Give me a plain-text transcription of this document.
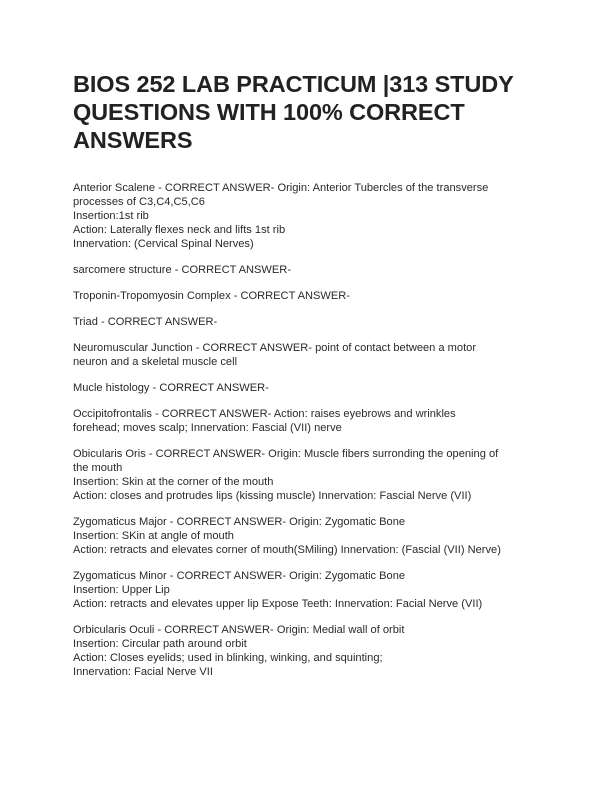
BIOS 252 LAB PRACTICUM |313 STUDY
QUESTIONS WITH 100% CORRECT
ANSWERS
Anterior Scalene - CORRECT ANSWER- Origin: Anterior Tubercles of the transverse
processes of C3,C4,C5,C6
Insertion:1st rib
Action: Laterally flexes neck and lifts 1st rib
Innervation: (Cervical Spinal Nerves)
sarcomere structure - CORRECT ANSWER-
Troponin-Tropomyosin Complex - CORRECT ANSWER-
Triad - CORRECT ANSWER-
Neuromuscular Junction - CORRECT ANSWER- point of contact between a motor
neuron and a skeletal muscle cell
Mucle histology - CORRECT ANSWER-
Occipitofrontalis - CORRECT ANSWER- Action: raises eyebrows and wrinkles
forehead; moves scalp; Innervation: Fascial (VII) nerve
Obicularis Oris - CORRECT ANSWER- Origin: Muscle fibers surronding the opening of
the mouth
Insertion: Skin at the corner of the mouth
Action: closes and protrudes lips (kissing muscle) Innervation: Fascial Nerve (VII)
Zygomaticus Major - CORRECT ANSWER- Origin: Zygomatic Bone
Insertion: SKin at angle of mouth
Action: retracts and elevates corner of mouth(SMiling) Innervation: (Fascial (VII) Nerve)
Zygomaticus Minor - CORRECT ANSWER- Origin: Zygomatic Bone
Insertion: Upper Lip
Action: retracts and elevates upper lip Expose Teeth: Innervation: Facial Nerve (VII)
Orbicularis Oculi - CORRECT ANSWER- Origin: Medial wall of orbit
Insertion: Circular path around orbit
Action: Closes eyelids; used in blinking, winking, and squinting;
Innervation: Facial Nerve VII
